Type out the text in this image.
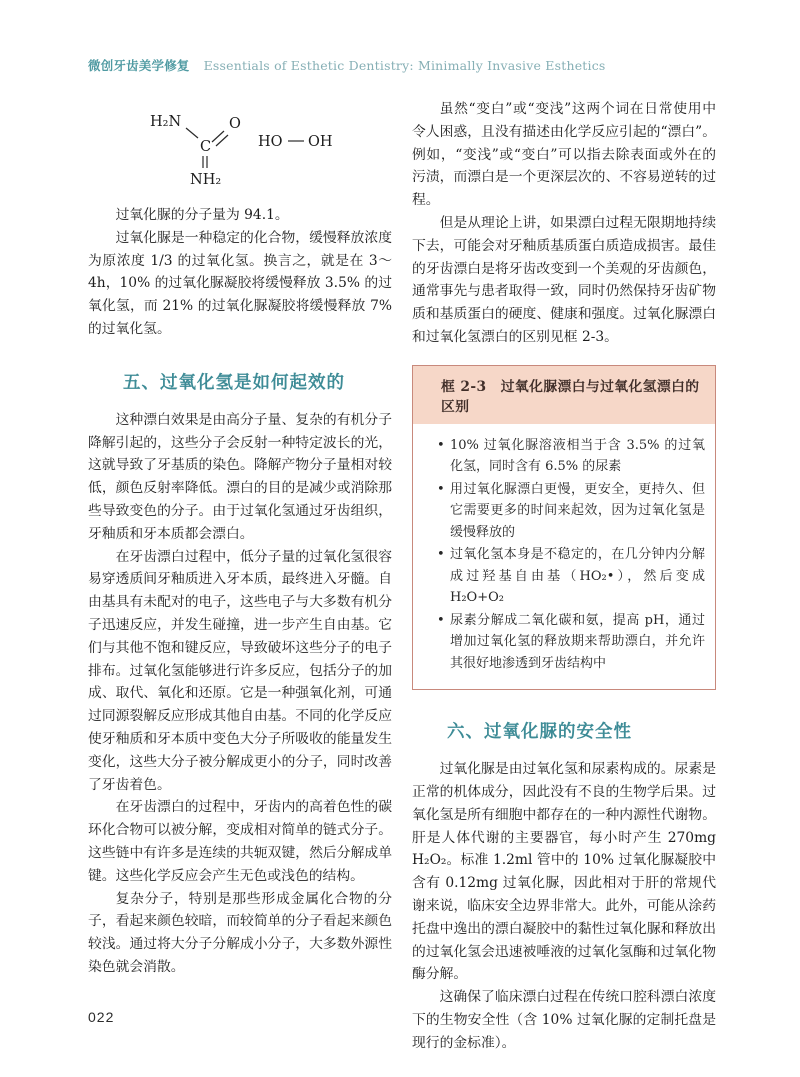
微创牙齿美学修复 Essentials of Esthetic Dentistry: Minimally Invasive Esthetics
H₂N
C
O
NH₂
HO OH

过氧化脲的分子量为 94.1。

过氧化脲是一种稳定的化合物，缓慢释放浓度为原浓度 1/3 的过氧化氢。换言之，就是在 3～4h，10% 的过氧化脲凝胶将缓慢释放 3.5% 的过氧化氢，而 21% 的过氧化脲凝胶将缓慢释放 7% 的过氧化氢。

五、过氧化氢是如何起效的

这种漂白效果是由高分子量、复杂的有机分子降解引起的，这些分子会反射一种特定波长的光，这就导致了牙基质的染色。降解产物分子量相对较低，颜色反射率降低。漂白的目的是减少或消除那些导致变色的分子。由于过氧化氢通过牙齿组织，牙釉质和牙本质都会漂白。

在牙齿漂白过程中，低分子量的过氧化氢很容易穿透质间牙釉质进入牙本质，最终进入牙髓。自由基具有未配对的电子，这些电子与大多数有机分子迅速反应，并发生碰撞，进一步产生自由基。它们与其他不饱和键反应，导致破坏这些分子的电子排布。过氧化氢能够进行许多反应，包括分子的加成、取代、氧化和还原。它是一种强氧化剂，可通过同源裂解反应形成其他自由基。不同的化学反应使牙釉质和牙本质中变色大分子所吸收的能量发生变化，这些大分子被分解成更小的分子，同时改善了牙齿着色。

在牙齿漂白的过程中，牙齿内的高着色性的碳环化合物可以被分解，变成相对简单的链式分子。这些链中有许多是连续的共轭双键，然后分解成单键。这些化学反应会产生无色或浅色的结构。

复杂分子，特别是那些形成金属化合物的分子，看起来颜色较暗，而较简单的分子看起来颜色较浅。通过将大分子分解成小分子，大多数外源性染色就会消散。

虽然“变白”或“变浅”这两个词在日常使用中令人困惑，且没有描述由化学反应引起的“漂白”。例如，“变浅”或“变白”可以指去除表面或外在的污渍，而漂白是一个更深层次的、不容易逆转的过程。

但是从理论上讲，如果漂白过程无限期地持续下去，可能会对牙釉质基质蛋白质造成损害。最佳的牙齿漂白是将牙齿改变到一个美观的牙齿颜色，通常事先与患者取得一致，同时仍然保持牙齿矿物质和基质蛋白的硬度、健康和强度。过氧化脲漂白和过氧化氢漂白的区别见框 2-3。

框 2-3　过氧化脲漂白与过氧化氢漂白的区别
• 10% 过氧化脲溶液相当于含 3.5% 的过氧化氢，同时含有 6.5% 的尿素
• 用过氧化脲漂白更慢，更安全，更持久、但它需要更多的时间来起效，因为过氧化氢是缓慢释放的
• 过氧化氢本身是不稳定的，在几分钟内分解成过羟基自由基（HO₂•），然后变成 H₂O+O₂
• 尿素分解成二氧化碳和氨，提高 pH，通过增加过氧化氢的释放期来帮助漂白，并允许其很好地渗透到牙齿结构中
六、过氧化脲的安全性

过氧化脲是由过氧化氢和尿素构成的。尿素是正常的机体成分，因此没有不良的生物学后果。过氧化氢是所有细胞中都存在的一种内源性代谢物。肝是人体代谢的主要器官，每小时产生 270mg H₂O₂。标准 1.2ml 管中的 10% 过氧化脲凝胶中含有 0.12mg 过氧化脲，因此相对于肝的常规代谢来说，临床安全边界非常大。此外，可能从涂药托盘中逸出的漂白凝胶中的黏性过氧化脲和释放出的过氧化氢会迅速被唾液的过氧化氢酶和过氧化物酶分解。

这确保了临床漂白过程在传统口腔科漂白浓度下的生物安全性（含 10% 过氧化脲的定制托盘是现行的金标准）。

022
